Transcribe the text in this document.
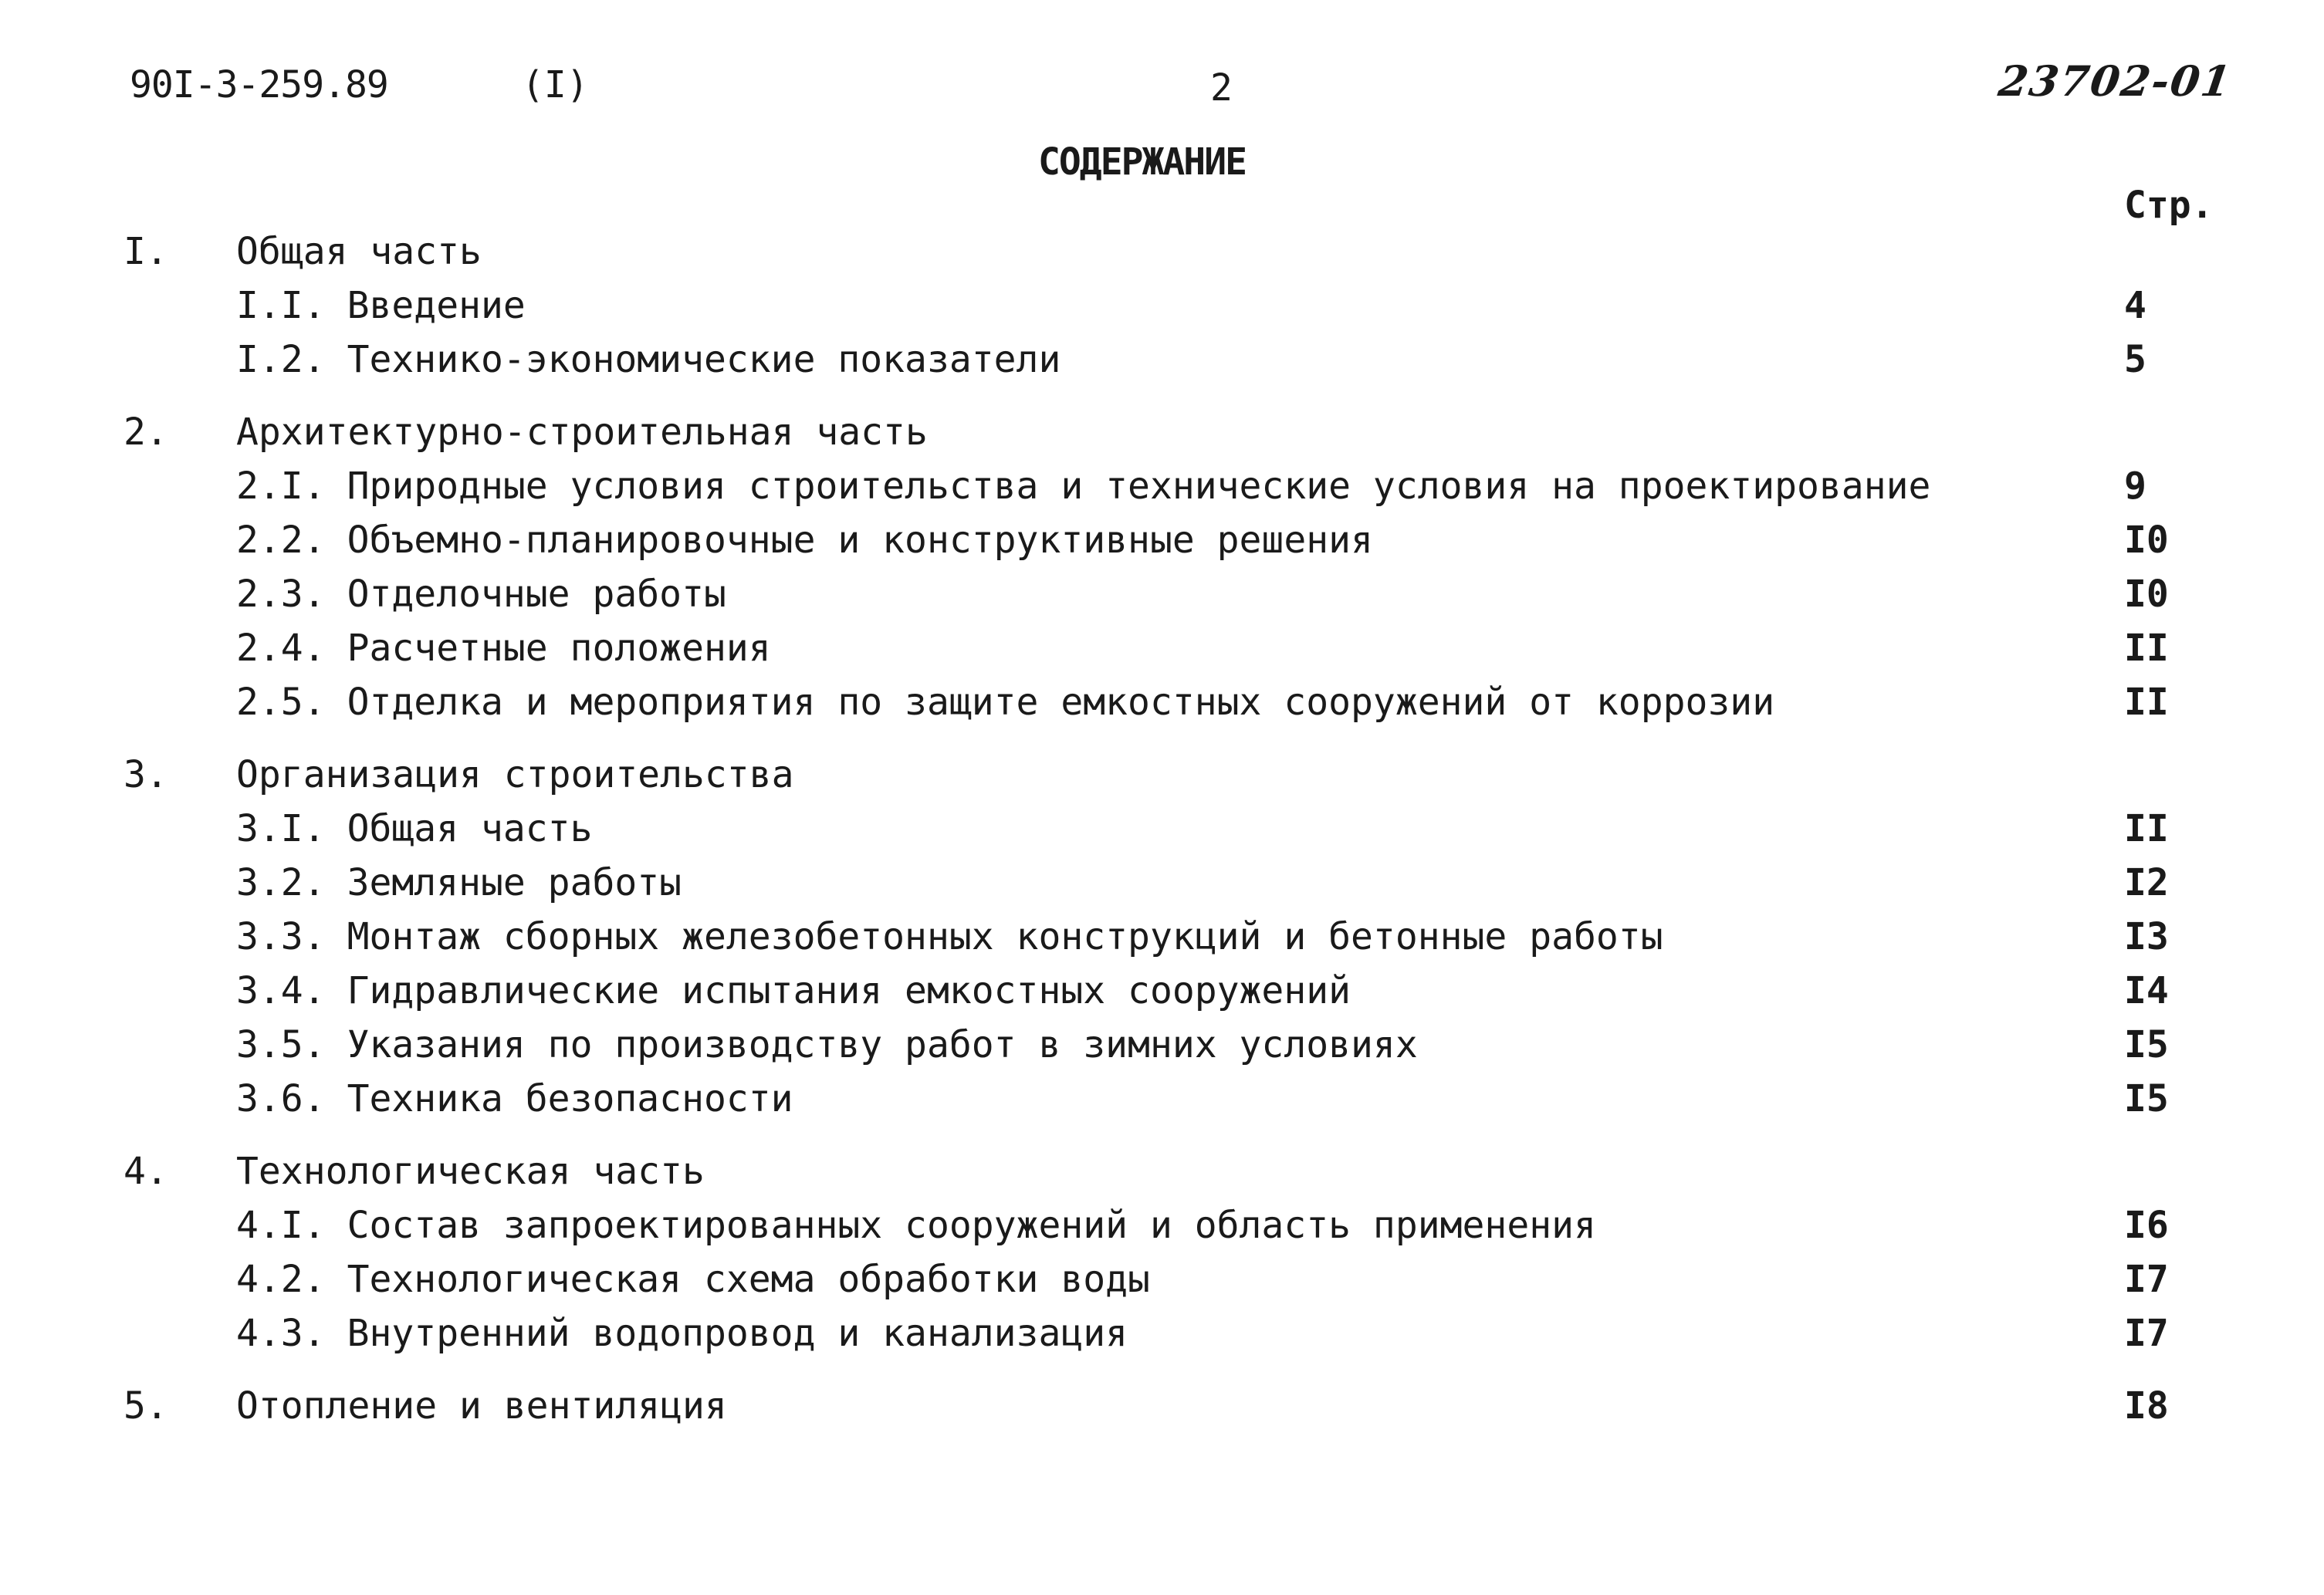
90I-3-259.89	(I)	2	23702-01
СОДЕРЖАНИЕ
Стр.
I. Общая часть
I.I. Введение	4
I.2. Технико-экономические показатели	5
2. Архитектурно-строительная часть
2.I. Природные условия строительства и технические условия на проектирование	9
2.2. Объемно-планировочные и конструктивные решения	I0
2.3. Отделочные работы	I0
2.4. Расчетные положения	II
2.5. Отделка и мероприятия по защите емкостных сооружений от коррозии	II
3. Организация строительства
3.I. Общая часть	II
3.2. Земляные работы	I2
3.3. Монтаж сборных железобетонных конструкций и бетонные работы	I3
3.4. Гидравлические испытания емкостных сооружений	I4
3.5. Указания по производству работ в зимних условиях	I5
3.6. Техника безопасности	I5
4. Технологическая часть
4.I. Состав запроектированных сооружений и область применения	I6
4.2. Технологическая схема обработки воды	I7
4.3. Внутренний водопровод и канализация	I7
5. Отопление и вентиляция	I8
